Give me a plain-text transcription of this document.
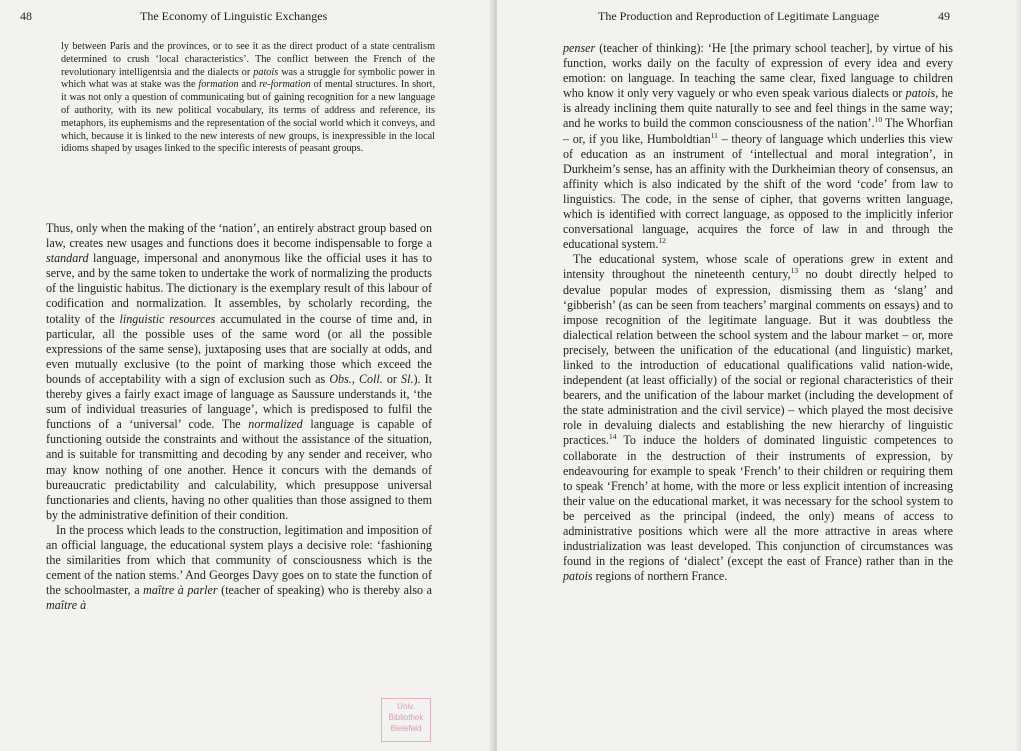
48	The Economy of Linguistic Exchanges

ly between Paris and the provinces, or to see it as the direct product of a state centralism determined to crush ‘local characteristics’. The conflict between the French of the revolutionary intelligentsia and the dialects or patois was a struggle for symbolic power in which what was at stake was the formation and re-formation of mental structures. In short, it was not only a question of communicating but of gaining recognition for a new language of authority, with its new political vocabulary, its terms of address and reference, its metaphors, its euphemisms and the representation of the social world which it conveys, and which, because it is linked to the new interests of new groups, is inexpressible in the local idioms shaped by usages linked to the specific interests of peasant groups.

Thus, only when the making of the ‘nation’, an entirely abstract group based on law, creates new usages and functions does it become indispensable to forge a standard language, impersonal and anonymous like the official uses it has to serve, and by the same token to undertake the work of normalizing the products of the linguistic habitus. The dictionary is the exemplary result of this labour of codification and normalization. It assembles, by scholarly recording, the totality of the linguistic resources accumulated in the course of time and, in particular, all the possible uses of the same word (or all the possible expressions of the same sense), juxtaposing uses that are socially at odds, and even mutually exclusive (to the point of marking those which exceed the bounds of acceptability with a sign of exclusion such as Obs., Coll. or Sl.). It thereby gives a fairly exact image of language as Saussure understands it, ‘the sum of individual treasuries of language’, which is predisposed to fulfil the functions of a ‘universal’ code. The normalized language is capable of functioning outside the constraints and without the assistance of the situation, and is suitable for transmitting and decoding by any sender and receiver, who may know nothing of one another. Hence it concurs with the demands of bureaucratic predictability and calculability, which presuppose universal functionaries and clients, having no other qualities than those assigned to them by the administrative definition of their condition.

In the process which leads to the construction, legitimation and imposition of an official language, the educational system plays a decisive role: ‘fashioning the similarities from which that community of consciousness which is the cement of the nation stems.’ And Georges Davy goes on to state the function of the schoolmaster, a maître à parler (teacher of speaking) who is thereby also a maître à

Univ. Bibliothek Bielefeld
The Production and Reproduction of Legitimate Language	49

penser (teacher of thinking): ‘He [the primary school teacher], by virtue of his function, works daily on the faculty of expression of every idea and every emotion: on language. In teaching the same clear, fixed language to children who know it only very vaguely or who even speak various dialects or patois, he is already inclining them quite naturally to see and feel things in the same way; and he works to build the common consciousness of the nation’.$^{10}$ The Whorfian – or, if you like, Humboldtian$^{11}$ – theory of language which underlies this view of education as an instrument of ‘intellectual and moral integration’, in Durkheim’s sense, has an affinity with the Durkheimian theory of consensus, an affinity which is also indicated by the shift of the word ‘code’ from law to linguistics. The code, in the sense of cipher, that governs written language, which is identified with correct language, as opposed to the implicitly inferior conversational language, acquires the force of law in and through the educational system.$^{12}$

The educational system, whose scale of operations grew in extent and intensity throughout the nineteenth century,$^{13}$ no doubt directly helped to devalue popular modes of expression, dismissing them as ‘slang’ and ‘gibberish’ (as can be seen from teachers’ marginal comments on essays) and to impose recognition of the legitimate language. But it was doubtless the dialectical relation between the school system and the labour market – or, more precisely, between the unification of the educational (and linguistic) market, linked to the introduction of educational qualifications valid nation-wide, independent (at least officially) of the social or regional characteristics of their bearers, and the unification of the labour market (including the development of the state administration and the civil service) – which played the most decisive role in devaluing dialects and establishing the new hierarchy of linguistic practices.$^{14}$ To induce the holders of dominated linguistic competences to collaborate in the destruction of their instruments of expression, by endeavouring for example to speak ‘French’ to their children or requiring them to speak ‘French’ at home, with the more or less explicit intention of increasing their value on the educational market, it was necessary for the school system to be perceived as the principal (indeed, the only) means of access to administrative positions which were all the more attractive in areas where industrialization was least developed. This conjunction of circumstances was found in the regions of ‘dialect’ (except the east of France) rather than in the patois regions of northern France.
